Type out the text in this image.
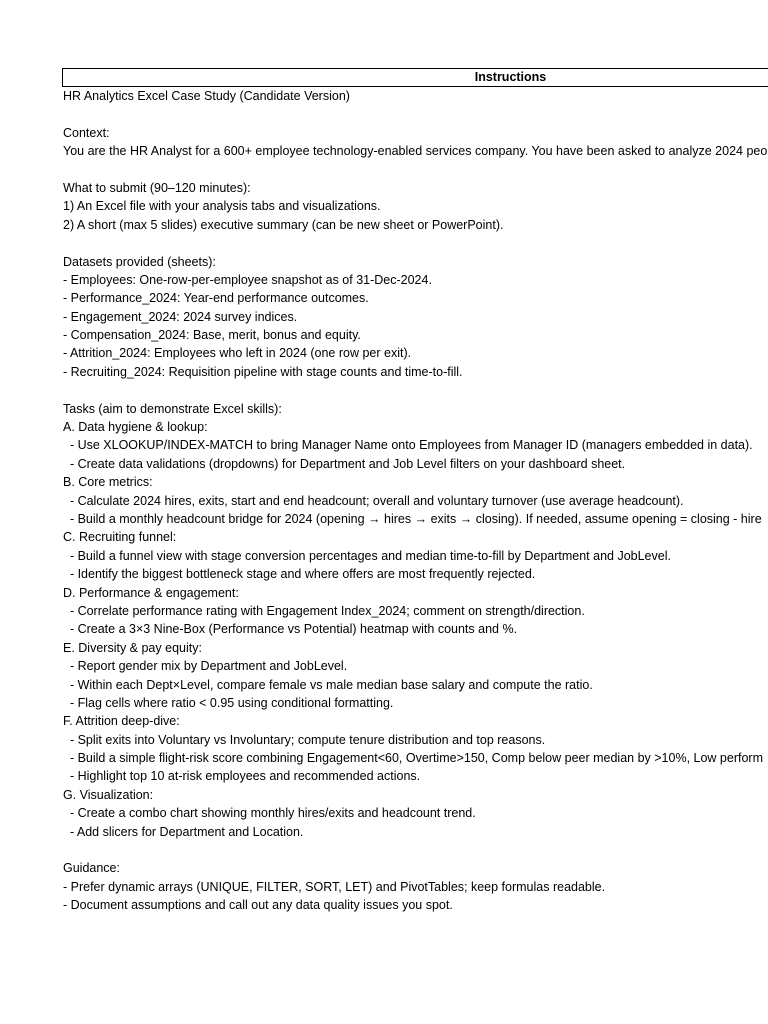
Instructions
HR Analytics Excel Case Study (Candidate Version)
Context:
You are the HR Analyst for a 600+ employee technology-enabled services company. You have been asked to analyze 2024 peo
What to submit (90–120 minutes):
1) An Excel file with your analysis tabs and visualizations.
2) A short (max 5 slides) executive summary (can be new sheet or PowerPoint).
Datasets provided (sheets):
- Employees: One-row-per-employee snapshot as of 31-Dec-2024.
- Performance_2024: Year-end performance outcomes.
- Engagement_2024: 2024 survey indices.
- Compensation_2024: Base, merit, bonus and equity.
- Attrition_2024: Employees who left in 2024 (one row per exit).
- Recruiting_2024: Requisition pipeline with stage counts and time-to-fill.
Tasks (aim to demonstrate Excel skills):
A. Data hygiene & lookup:
- Use XLOOKUP/INDEX-MATCH to bring Manager Name onto Employees from Manager ID (managers embedded in data).
- Create data validations (dropdowns) for Department and Job Level filters on your dashboard sheet.
B. Core metrics:
- Calculate 2024 hires, exits, start and end headcount; overall and voluntary turnover (use average headcount).
- Build a monthly headcount bridge for 2024 (opening → hires → exits → closing). If needed, assume opening = closing - hire
C. Recruiting funnel:
- Build a funnel view with stage conversion percentages and median time-to-fill by Department and JobLevel.
- Identify the biggest bottleneck stage and where offers are most frequently rejected.
D. Performance & engagement:
- Correlate performance rating with Engagement Index_2024; comment on strength/direction.
- Create a 3×3 Nine-Box (Performance vs Potential) heatmap with counts and %.
E. Diversity & pay equity:
- Report gender mix by Department and JobLevel.
- Within each Dept×Level, compare female vs male median base salary and compute the ratio.
- Flag cells where ratio < 0.95 using conditional formatting.
F. Attrition deep-dive:
- Split exits into Voluntary vs Involuntary; compute tenure distribution and top reasons.
- Build a simple flight-risk score combining Engagement<60, Overtime>150, Comp below peer median by >10%, Low perform
- Highlight top 10 at-risk employees and recommended actions.
G. Visualization:
- Create a combo chart showing monthly hires/exits and headcount trend.
- Add slicers for Department and Location.
Guidance:
- Prefer dynamic arrays (UNIQUE, FILTER, SORT, LET) and PivotTables; keep formulas readable.
- Document assumptions and call out any data quality issues you spot.
